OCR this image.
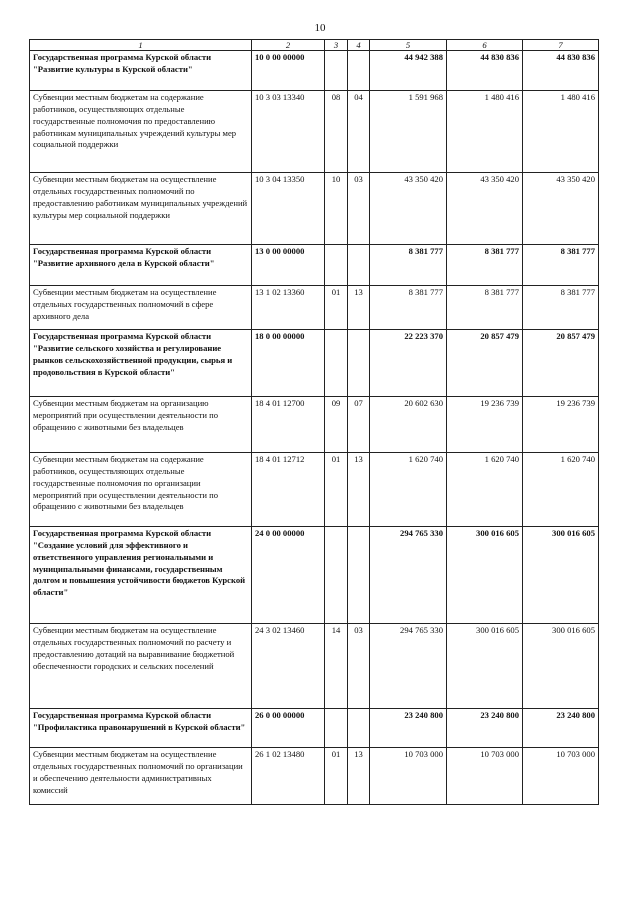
10
1	2	3	4	5	6	7
Государственная программа Курской области "Развитие культуры в Курской области"	10 0 00 00000			44 942 388	44 830 836	44 830 836
Субвенции местным бюджетам на содержание работников, осуществляющих отдельные государственные полномочия по предоставлению работникам муниципальных учреждений культуры мер социальной поддержки	10 3 03 13340	08	04	1 591 968	1 480 416	1 480 416
Субвенции местным бюджетам на осуществление отдельных государственных полномочий по предоставлению работникам муниципальных учреждений культуры мер социальной поддержки	10 3 04 13350	10	03	43 350 420	43 350 420	43 350 420
Государственная программа Курской области "Развитие архивного дела в Курской области"	13 0 00 00000			8 381 777	8 381 777	8 381 777
Субвенции местным бюджетам на осуществление отдельных государственных полномочий в сфере архивного дела	13 1 02 13360	01	13	8 381 777	8 381 777	8 381 777
Государственная программа Курской области "Развитие сельского хозяйства и регулирование рынков сельскохозяйственной продукции, сырья и продовольствия в Курской области"	18 0 00 00000			22 223 370	20 857 479	20 857 479
Субвенции местным бюджетам на организацию мероприятий при осуществлении деятельности по обращению с животными без владельцев	18 4 01 12700	09	07	20 602 630	19 236 739	19 236 739
Субвенции местным бюджетам на содержание работников, осуществляющих отдельные государственные полномочия по организации мероприятий при осуществлении деятельности по обращению с животными без владельцев	18 4 01 12712	01	13	1 620 740	1 620 740	1 620 740
Государственная программа Курской области "Создание условий для эффективного и ответственного управления региональными и муниципальными финансами, государственным долгом и повышения устойчивости бюджетов Курской области"	24 0 00 00000			294 765 330	300 016 605	300 016 605
Субвенции местным бюджетам на осуществление отдельных государственных полномочий по расчету и предоставлению дотаций на выравнивание бюджетной обеспеченности городских и сельских поселений	24 3 02 13460	14	03	294 765 330	300 016 605	300 016 605
Государственная программа Курской области "Профилактика правонарушений в Курской области"	26 0 00 00000			23 240 800	23 240 800	23 240 800
Субвенции местным бюджетам на осуществление отдельных государственных полномочий по организации и обеспечению деятельности административных комиссий	26 1 02 13480	01	13	10 703 000	10 703 000	10 703 000
